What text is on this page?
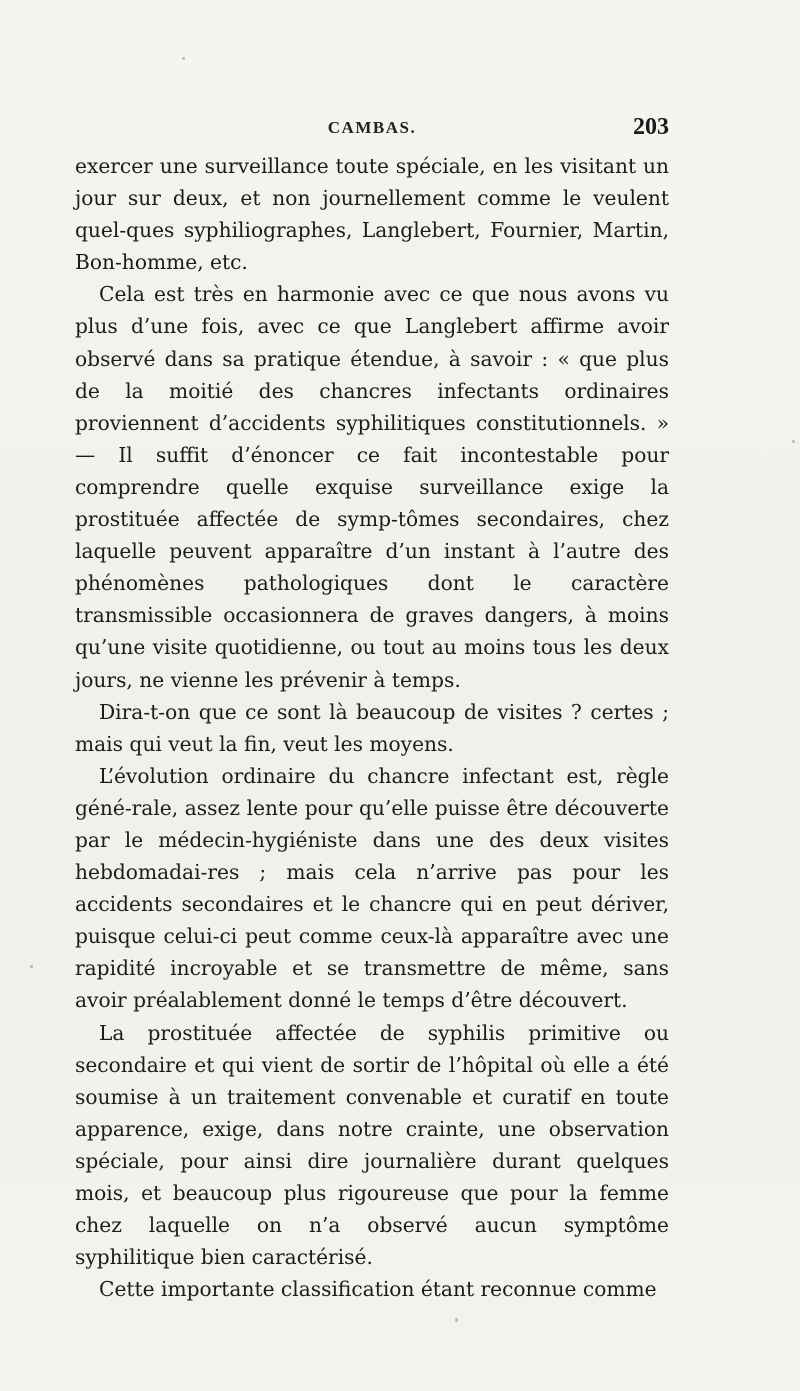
CAMBAS.	203

exercer une surveillance toute spéciale, en les visitant un jour sur deux, et non journellement comme le veulent quel-ques syphiliographes, Langlebert, Fournier, Martin, Bon-homme, etc.

Cela est très en harmonie avec ce que nous avons vu plus d’une fois, avec ce que Langlebert affirme avoir observé dans sa pratique étendue, à savoir : « que plus de la moitié des chancres infectants ordinaires proviennent d’accidents syphilitiques constitutionnels. » — Il suffit d’énoncer ce fait incontestable pour comprendre quelle exquise surveillance exige la prostituée affectée de symp-tômes secondaires, chez laquelle peuvent apparaître d’un instant à l’autre des phénomènes pathologiques dont le caractère transmissible occasionnera de graves dangers, à moins qu’une visite quotidienne, ou tout au moins tous les deux jours, ne vienne les prévenir à temps.

Dira-t-on que ce sont là beaucoup de visites ? certes ; mais qui veut la fin, veut les moyens.

L’évolution ordinaire du chancre infectant est, règle géné-rale, assez lente pour qu’elle puisse être découverte par le médecin-hygiéniste dans une des deux visites hebdomadai-res ; mais cela n’arrive pas pour les accidents secondaires et le chancre qui en peut dériver, puisque celui-ci peut comme ceux-là apparaître avec une rapidité incroyable et se transmettre de même, sans avoir préalablement donné le temps d’être découvert.

La prostituée affectée de syphilis primitive ou secondaire et qui vient de sortir de l’hôpital où elle a été soumise à un traitement convenable et curatif en toute apparence, exige, dans notre crainte, une observation spéciale, pour ainsi dire journalière durant quelques mois, et beaucoup plus rigoureuse que pour la femme chez laquelle on n’a observé aucun symptôme syphilitique bien caractérisé.

Cette importante classification étant reconnue comme
